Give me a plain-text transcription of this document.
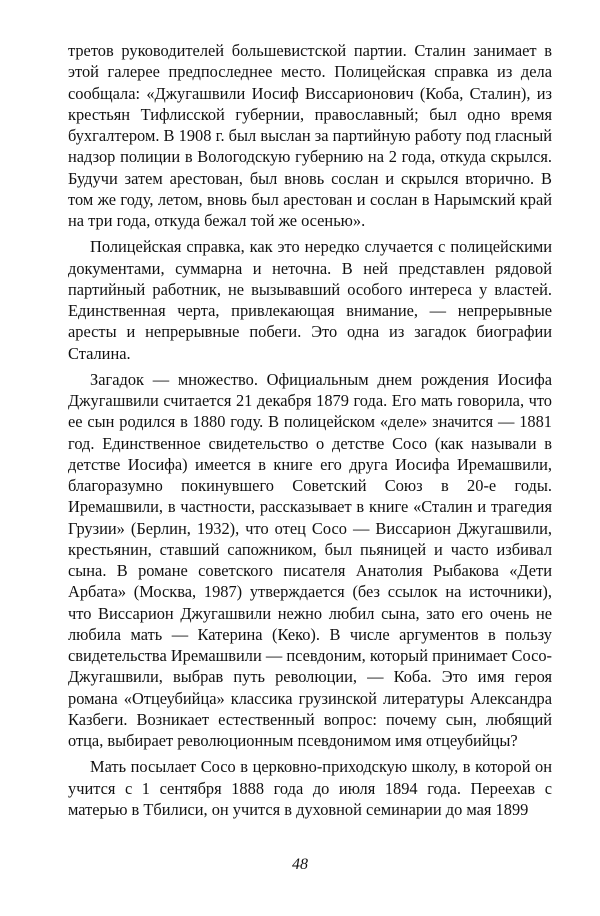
третов руководителей большевистской партии. Сталин занимает в этой галерее предпоследнее место. Полицейская справка из дела сообщала: «Джугашвили Иосиф Виссарионович (Коба, Сталин), из крестьян Тифлисской губернии, православный; был одно время бухгалтером. В 1908 г. был выслан за партийную работу под гласный надзор полиции в Вологодскую губернию на 2 года, откуда скрылся. Будучи затем арестован, был вновь сослан и скрылся вторично. В том же году, летом, вновь был арестован и сослан в Нарымский край на три года, откуда бежал той же осенью».

Полицейская справка, как это нередко случается с полицейскими документами, суммарна и неточна. В ней представлен рядовой партийный работник, не вызывавший особого интереса у властей. Единственная черта, привлекающая внимание, — непрерывные аресты и непрерывные побеги. Это одна из загадок биографии Сталина.

Загадок — множество. Официальным днем рождения Иосифа Джугашвили считается 21 декабря 1879 года. Его мать говорила, что ее сын родился в 1880 году. В полицейском «деле» значится — 1881 год. Единственное свидетельство о детстве Сосо (как называли в детстве Иосифа) имеется в книге его друга Иосифа Иремашвили, благоразумно покинувшего Советский Союз в 20-е годы. Иремашвили, в частности, рассказывает в книге «Сталин и трагедия Грузии» (Берлин, 1932), что отец Сосо — Виссарион Джугашвили, крестьянин, ставший сапожником, был пьяницей и часто избивал сына. В романе советского писателя Анатолия Рыбакова «Дети Арбата» (Москва, 1987) утверждается (без ссылок на источники), что Виссарион Джугашвили нежно любил сына, зато его очень не любила мать — Катерина (Кеко). В числе аргументов в пользу свидетельства Иремашвили — псевдоним, который принимает Сосо-Джугашвили, выбрав путь революции, — Коба. Это имя героя романа «Отцеубийца» классика грузинской литературы Александра Казбеги. Возникает естественный вопрос: почему сын, любящий отца, выбирает революционным псевдонимом имя отцеубийцы?

Мать посылает Сосо в церковно-приходскую школу, в которой он учится с 1 сентября 1888 года до июля 1894 года. Переехав с матерью в Тбилиси, он учится в духовной семинарии до мая 1899

48
